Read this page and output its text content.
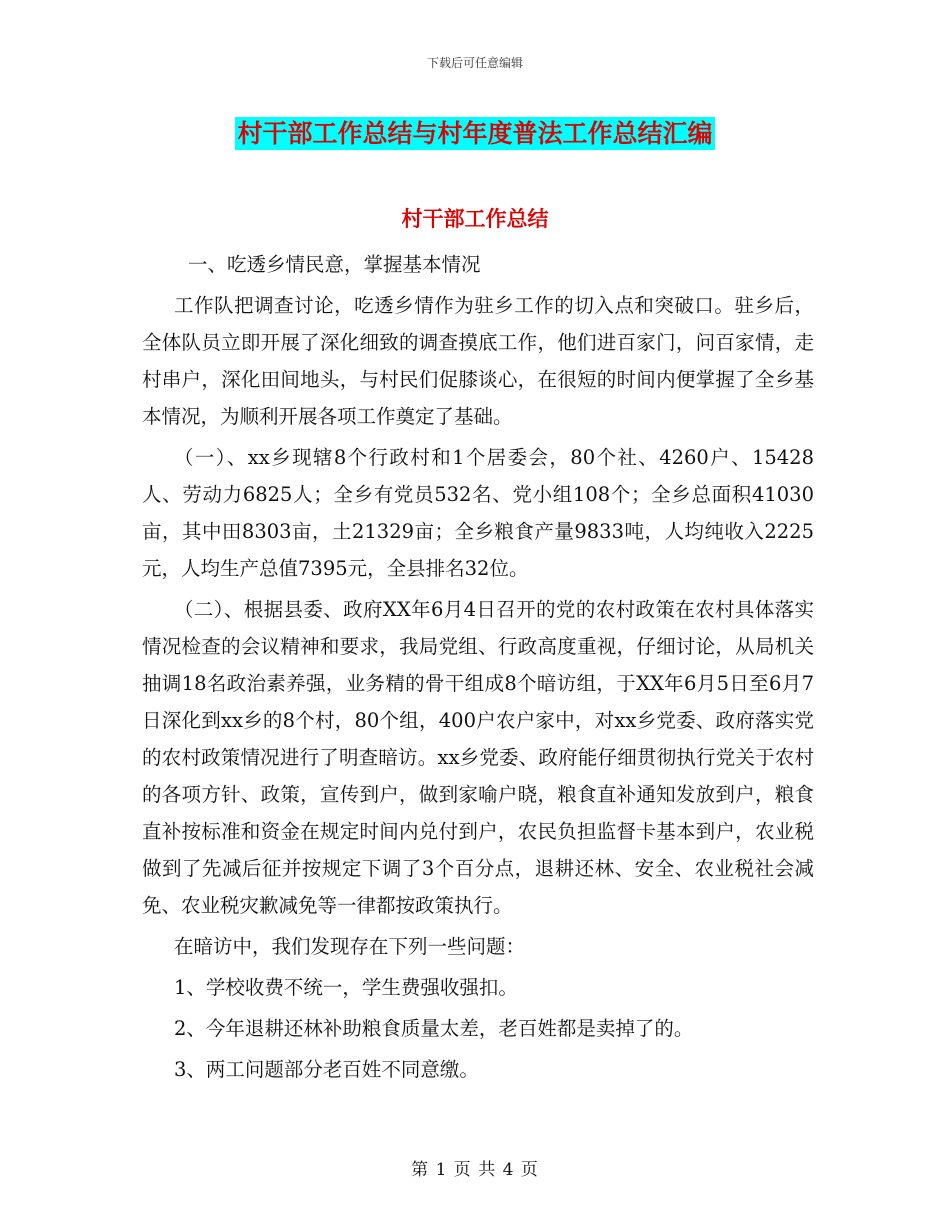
下载后可任意编辑
村干部工作总结与村年度普法工作总结汇编
村干部工作总结

一、吃透乡情民意，掌握基本情况

工作队把调查讨论，吃透乡情作为驻乡工作的切入点和突破口。驻乡后，全体队员立即开展了深化细致的调查摸底工作，他们进百家门，问百家情，走村串户，深化田间地头，与村民们促膝谈心，在很短的时间内便掌握了全乡基本情况，为顺利开展各项工作奠定了基础。

（一）、xx乡现辖8个行政村和1个居委会，80个社、4260户、15428人、劳动力6825人；全乡有党员532名、党小组108个；全乡总面积41030亩，其中田8303亩，土21329亩；全乡粮食产量9833吨，人均纯收入2225元，人均生产总值7395元，全县排名32位。

（二）、根据县委、政府XX年6月4日召开的党的农村政策在农村具体落实情况检查的会议精神和要求，我局党组、行政高度重视，仔细讨论，从局机关抽调18名政治素养强，业务精的骨干组成8个暗访组，于XX年6月5日至6月7日深化到xx乡的8个村，80个组，400户农户家中，对xx乡党委、政府落实党的农村政策情况进行了明查暗访。xx乡党委、政府能仔细贯彻执行党关于农村的各项方针、政策，宣传到户，做到家喻户晓，粮食直补通知发放到户，粮食直补按标准和资金在规定时间内兑付到户，农民负担监督卡基本到户，农业税做到了先减后征并按规定下调了3个百分点，退耕还林、安全、农业税社会减免、农业税灾歉减免等一律都按政策执行。

在暗访中，我们发现存在下列一些问题：

1、学校收费不统一，学生费强收强扣。

2、今年退耕还林补助粮食质量太差，老百姓都是卖掉了的。

3、两工问题部分老百姓不同意缴。

第 1 页 共 4 页
